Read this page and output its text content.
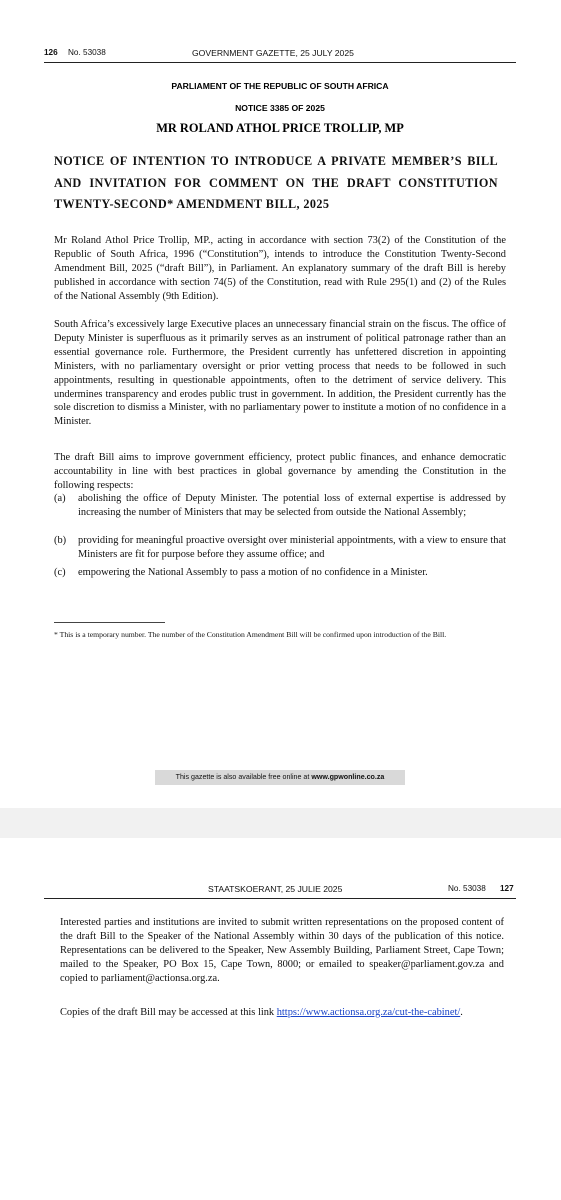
126 No. 53038	GOVERNMENT GAZETTE, 25 JULY 2025
PARLIAMENT OF THE REPUBLIC OF SOUTH AFRICA
NOTICE 3385 OF 2025
MR ROLAND ATHOL PRICE TROLLIP, MP
NOTICE OF INTENTION TO INTRODUCE A PRIVATE MEMBER’S BILL AND INVITATION FOR COMMENT ON THE DRAFT CONSTITUTION TWENTY-SECOND* AMENDMENT BILL, 2025
Mr Roland Athol Price Trollip, MP., acting in accordance with section 73(2) of the Constitution of the Republic of South Africa, 1996 (“Constitution”), intends to introduce the Constitution Twenty-Second Amendment Bill, 2025 (“draft Bill”), in Parliament. An explanatory summary of the draft Bill is hereby published in accordance with section 74(5) of the Constitution, read with Rule 295(1) and (2) of the Rules of the National Assembly (9th Edition).
South Africa’s excessively large Executive places an unnecessary financial strain on the fiscus. The office of Deputy Minister is superfluous as it primarily serves as an instrument of political patronage rather than an essential governance role. Furthermore, the President currently has unfettered discretion in appointing Ministers, with no parliamentary oversight or prior vetting process that needs to be followed in such appointments, resulting in questionable appointments, often to the detriment of service delivery. This undermines transparency and erodes public trust in government. In addition, the President currently has the sole discretion to dismiss a Minister, with no parliamentary power to institute a motion of no confidence in a Minister.
The draft Bill aims to improve government efficiency, protect public finances, and enhance democratic accountability in line with best practices in global governance by amending the Constitution in the following respects:
(a) abolishing the office of Deputy Minister. The potential loss of external expertise is addressed by increasing the number of Ministers that may be selected from outside the National Assembly;
(b) providing for meaningful proactive oversight over ministerial appointments, with a view to ensure that Ministers are fit for purpose before they assume office; and
(c) empowering the National Assembly to pass a motion of no confidence in a Minister.
* This is a temporary number. The number of the Constitution Amendment Bill will be confirmed upon introduction of the Bill.
This gazette is also available free online at www.gpwonline.co.za
STAATSKOERANT, 25 JULIE 2025	No. 53038 127
Interested parties and institutions are invited to submit written representations on the proposed content of the draft Bill to the Speaker of the National Assembly within 30 days of the publication of this notice. Representations can be delivered to the Speaker, New Assembly Building, Parliament Street, Cape Town; mailed to the Speaker, PO Box 15, Cape Town, 8000; or emailed to speaker@parliament.gov.za and copied to parliament@actionsa.org.za.
Copies of the draft Bill may be accessed at this link https://www.actionsa.org.za/cut-the-cabinet/.
